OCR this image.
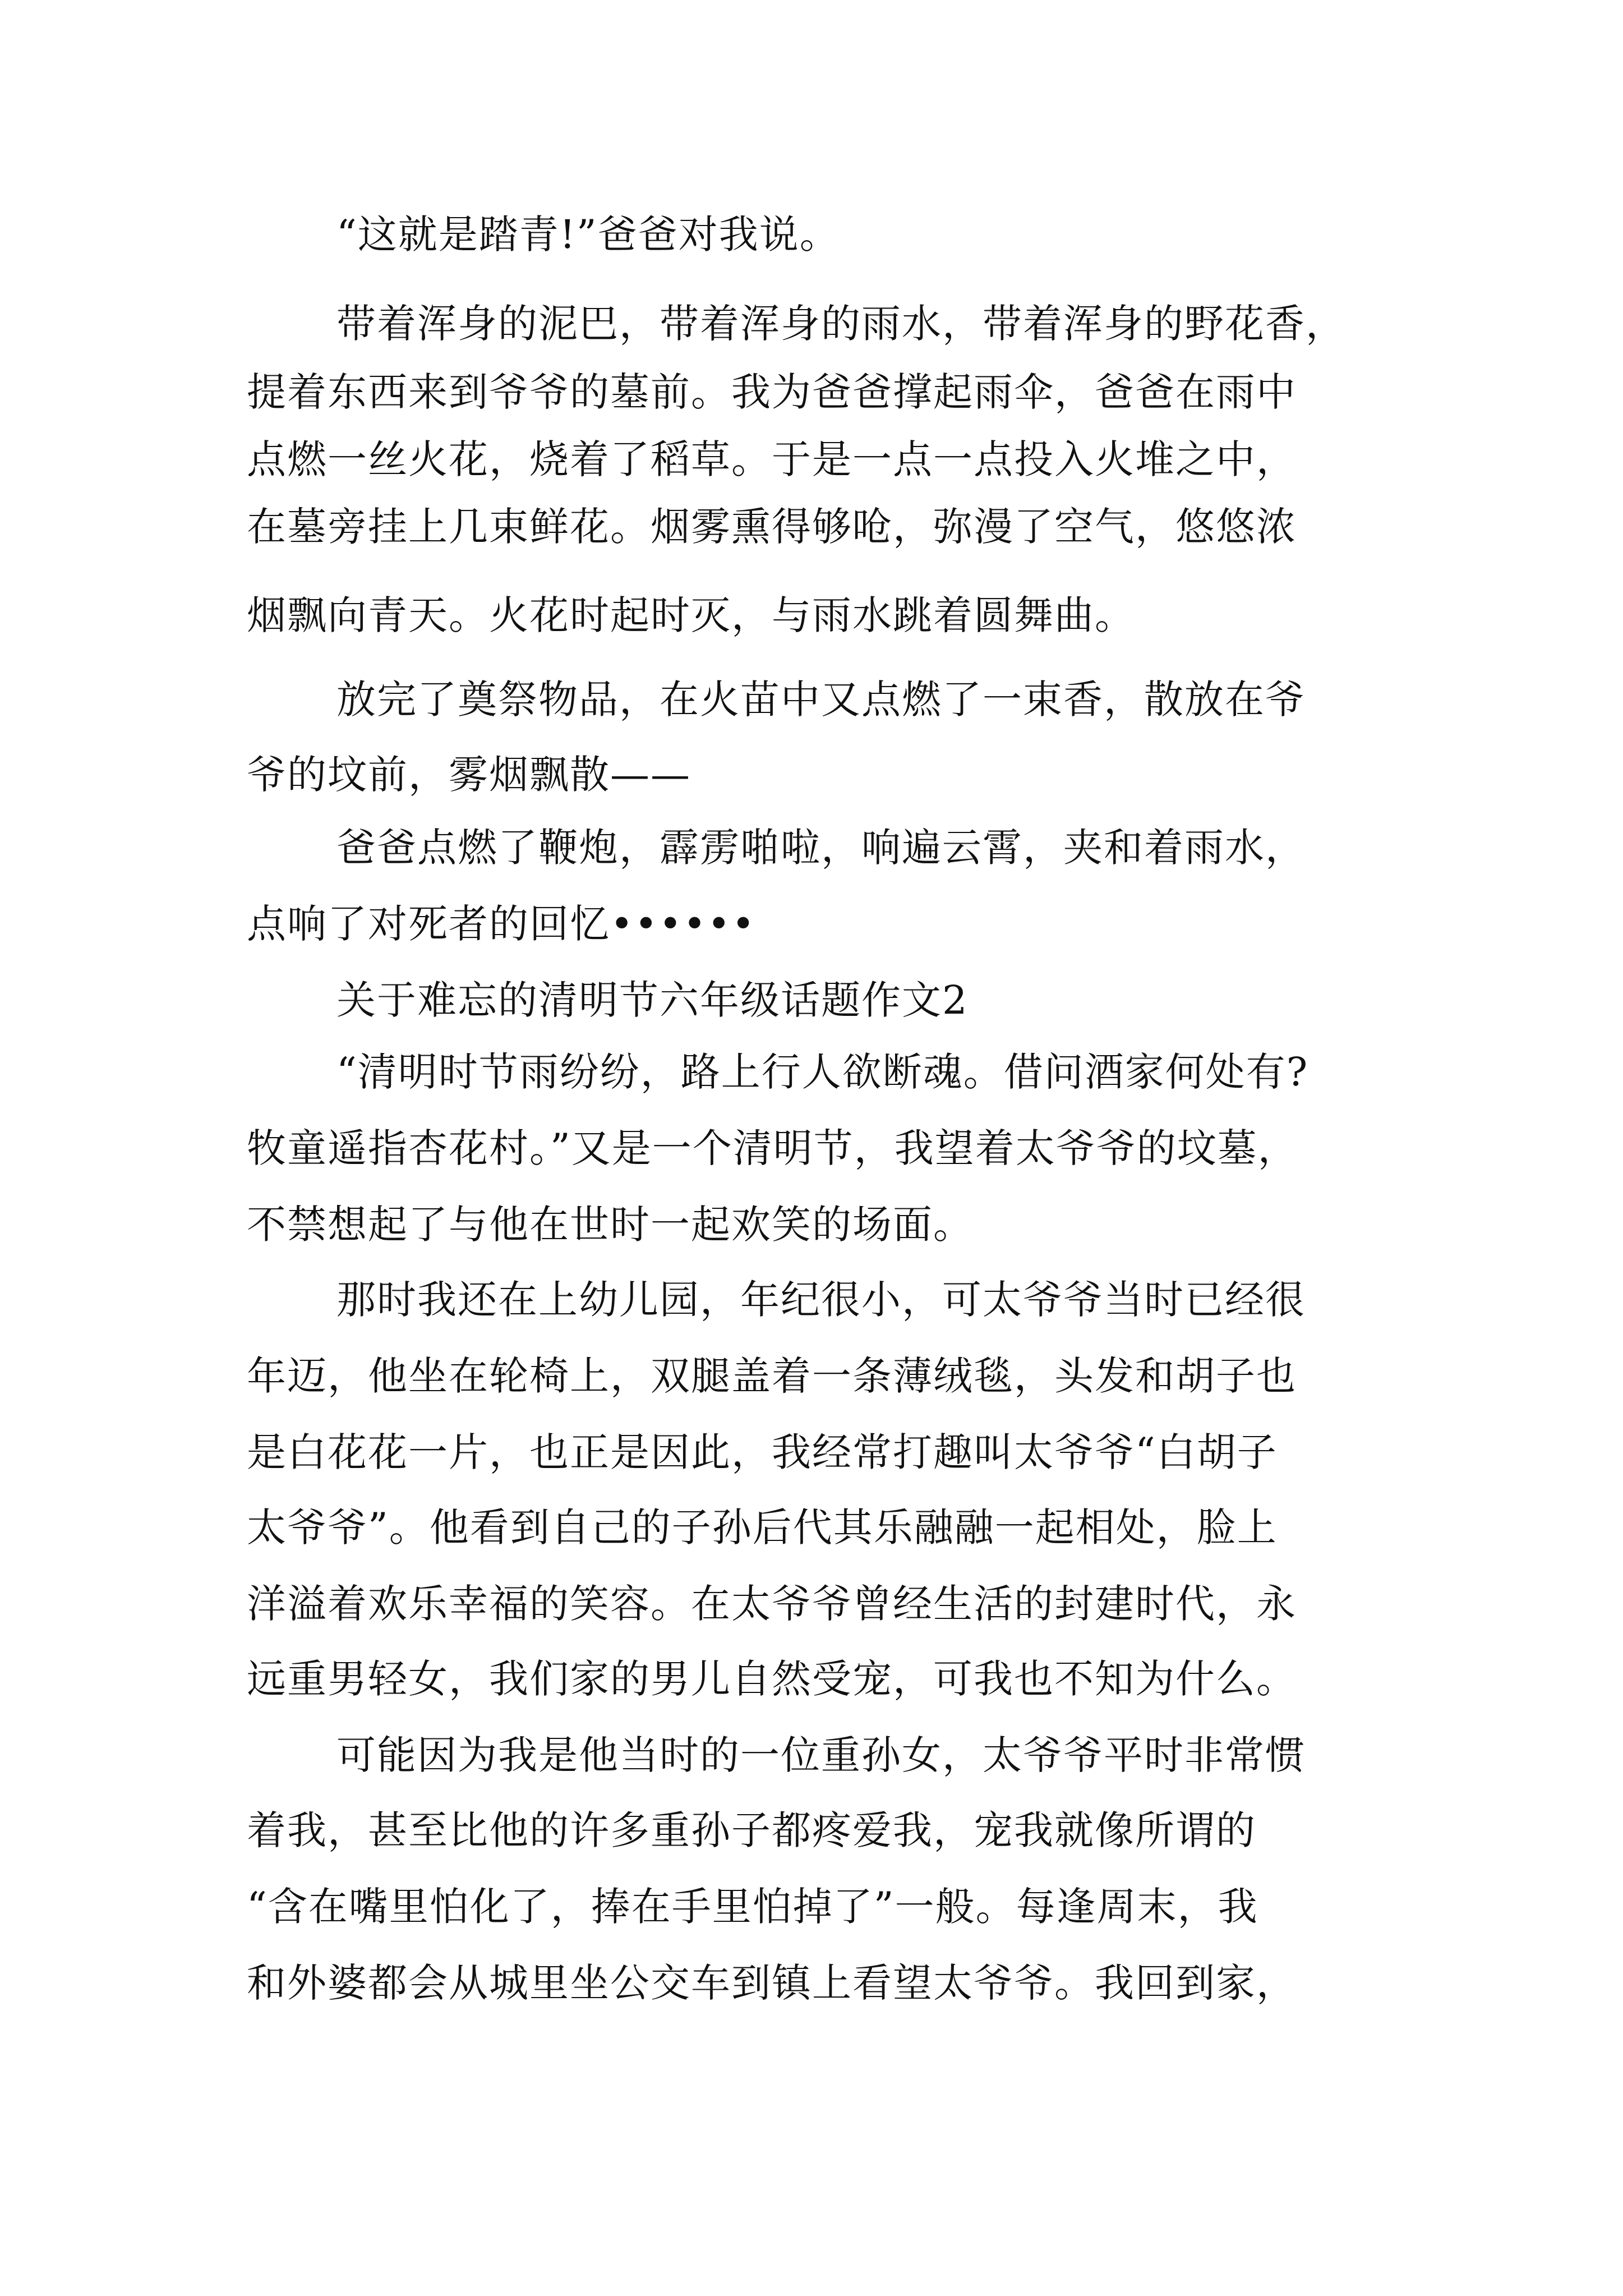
“这就是踏青!”爸爸对我说。
带着浑身的泥巴，带着浑身的雨水，带着浑身的野花香，
提着东西来到爷爷的墓前。我为爸爸撑起雨伞，爸爸在雨中
点燃一丝火花，烧着了稻草。于是一点一点投入火堆之中，
在墓旁挂上几束鲜花。烟雾熏得够呛，弥漫了空气，悠悠浓
烟飘向青天。火花时起时灭，与雨水跳着圆舞曲。
放完了奠祭物品，在火苗中又点燃了一束香，散放在爷
爷的坟前，雾烟飘散——
爸爸点燃了鞭炮，霹雳啪啦，响遍云霄，夹和着雨水，
点响了对死者的回忆••••••
关于难忘的清明节六年级话题作文2
“清明时节雨纷纷，路上行人欲断魂。借问酒家何处有?
牧童遥指杏花村。”又是一个清明节，我望着太爷爷的坟墓，
不禁想起了与他在世时一起欢笑的场面。
那时我还在上幼儿园，年纪很小，可太爷爷当时已经很
年迈，他坐在轮椅上，双腿盖着一条薄绒毯，头发和胡子也
是白花花一片，也正是因此，我经常打趣叫太爷爷“白胡子
太爷爷”。他看到自己的子孙后代其乐融融一起相处，脸上
洋溢着欢乐幸福的笑容。在太爷爷曾经生活的封建时代，永
远重男轻女，我们家的男儿自然受宠，可我也不知为什么。
可能因为我是他当时的一位重孙女，太爷爷平时非常惯
着我，甚至比他的许多重孙子都疼爱我，宠我就像所谓的
“含在嘴里怕化了，捧在手里怕掉了”一般。每逢周末，我
和外婆都会从城里坐公交车到镇上看望太爷爷。我回到家，
